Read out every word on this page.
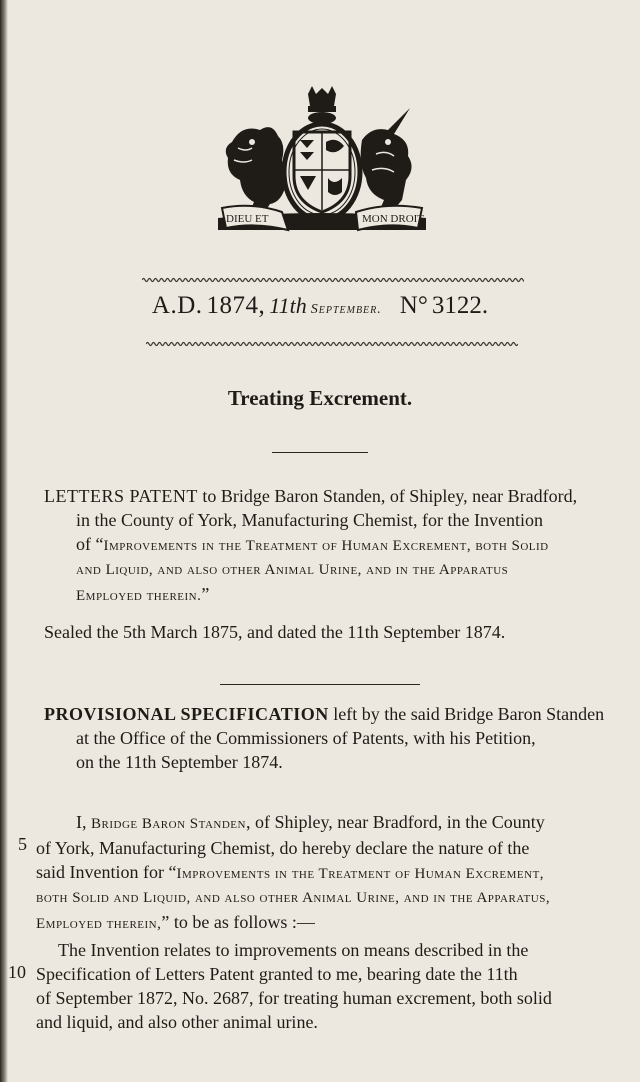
DIEU ET	MON DROIT
A.D. 1874, 11th September. N° 3122.
Treating Excrement.
LETTERS PATENT to Bridge Baron Standen, of Shipley, near Bradford,
in the County of York, Manufacturing Chemist, for the Invention
of “Improvements in the Treatment of Human Excrement, both Solid
and Liquid, and also other Animal Urine, and in the Apparatus
Employed therein.”
Sealed the 5th March 1875, and dated the 11th September 1874.
PROVISIONAL SPECIFICATION left by the said Bridge Baron Standen
at the Office of the Commissioners of Patents, with his Petition,
on the 11th September 1874.
I, Bridge Baron Standen, of Shipley, near Bradford, in the County
of York, Manufacturing Chemist, do hereby declare the nature of the
said Invention for “Improvements in the Treatment of Human Excrement,
both Solid and Liquid, and also other Animal Urine, and in the Apparatus,
Employed therein,” to be as follows :—
5
The Invention relates to improvements on means described in the
Specification of Letters Patent granted to me, bearing date the 11th
of September 1872, No. 2687, for treating human excrement, both solid
and liquid, and also other animal urine.
10
